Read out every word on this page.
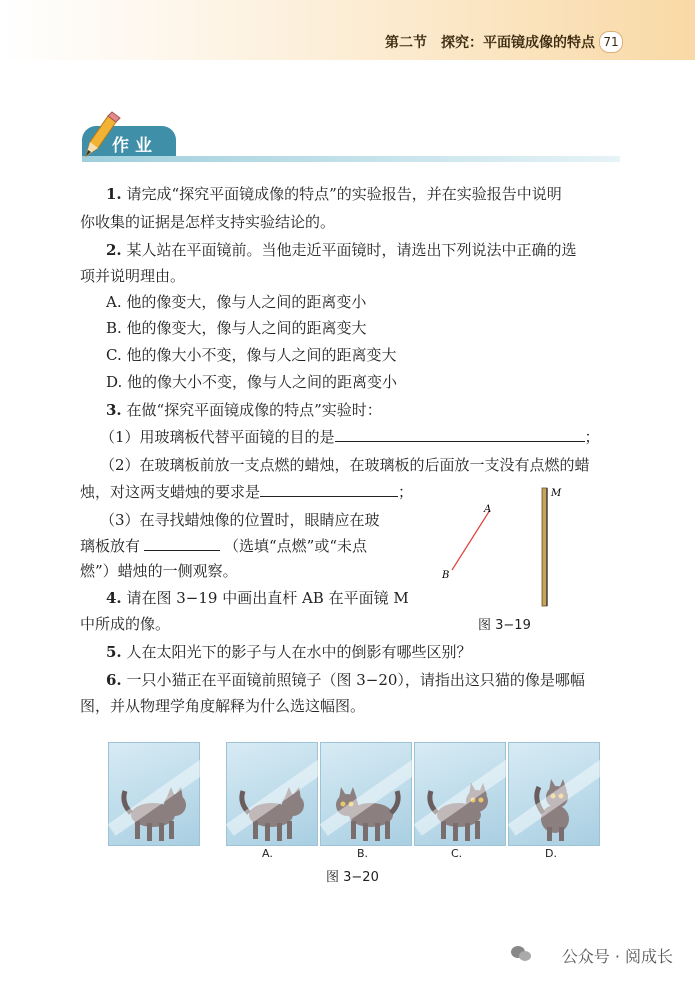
第二节　探究：平面镜成像的特点 71
作业
1. 请完成“探究平面镜成像的特点”的实验报告，并在实验报告中说明
你收集的证据是怎样支持实验结论的。
2. 某人站在平面镜前。当他走近平面镜时，请选出下列说法中正确的选
项并说明理由。
A. 他的像变大，像与人之间的距离变小
B. 他的像变大，像与人之间的距离变大
C. 他的像大小不变，像与人之间的距离变大
D. 他的像大小不变，像与人之间的距离变小
3. 在做“探究平面镜成像的特点”实验时：
（1）用玻璃板代替平面镜的目的是	；
（2）在玻璃板前放一支点燃的蜡烛，在玻璃板的后面放一支没有点燃的蜡
烛，对这两支蜡烛的要求是	；
（3）在寻找蜡烛像的位置时，眼睛应在玻
璃板放有	（选填“点燃”或“未点
燃”）蜡烛的一侧观察。
4. 请在图 3−19 中画出直杆 AB 在平面镜 M
中所成的像。
5. 人在太阳光下的影子与人在水中的倒影有哪些区别？
6. 一只小猫正在平面镜前照镜子（图 3−20），请指出这只猫的像是哪幅
图，并从物理学角度解释为什么选这幅图。
A
B
M
图 3−19
A.	B.	C.	D.
图 3−20
公众号 · 阅成长
